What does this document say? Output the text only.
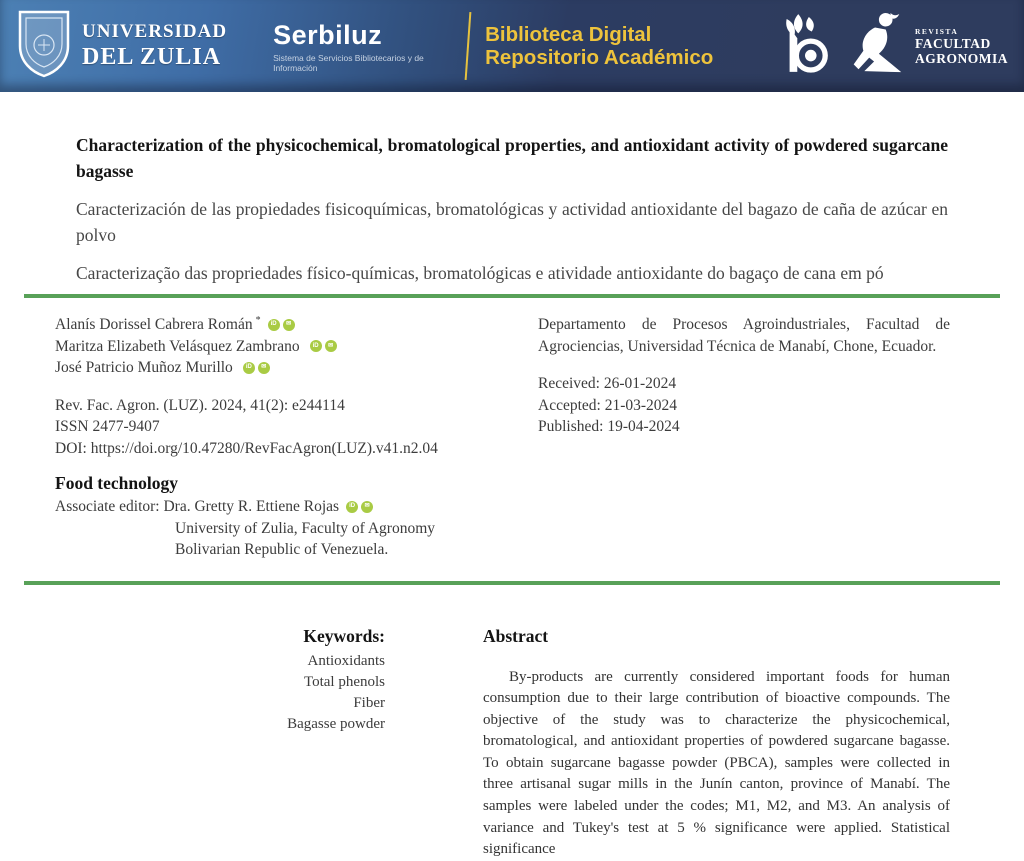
UNIVERSIDAD
DEL ZULIA
Serbiluz
Sistema de Servicios Bibliotecarios y de Información
Biblioteca Digital
Repositorio Académico
REVISTA
FACULTAD
AGRONOMIA
Characterization of the physicochemical, bromatological properties, and antioxidant activity of powdered sugarcane bagasse

Caracterización de las propiedades fisicoquímicas, bromatológicas y actividad antioxidante del bagazo de caña de azúcar en polvo

Caracterização das propriedades físico-químicas, bromatológicas e atividade antioxidante do bagaço de cana em pó

Alanís Dorissel Cabrera Román *	iD	✉
Maritza Elizabeth Velásquez Zambrano	iD	✉
José Patricio Muñoz Murillo	iD	✉
Rev. Fac. Agron. (LUZ). 2024, 41(2): e244114
ISSN 2477-9407
DOI: https://doi.org/10.47280/RevFacAgron(LUZ).v41.n2.04

Departamento de Procesos Agroindustriales, Facultad de Agrociencias, Universidad Técnica de Manabí, Chone, Ecuador.

Received: 26-01-2024
Accepted: 21-03-2024
Published: 19-04-2024
Food technology
Associate editor: Dra. Gretty R. Ettiene Rojas	iD	✉
University of Zulia, Faculty of Agronomy
Bolivarian Republic of Venezuela.
Keywords:
Antioxidants
Total phenols
Fiber
Bagasse powder
Abstract

By-products are currently considered important foods for human consumption due to their large contribution of bioactive compounds. The objective of the study was to characterize the physicochemical, bromatological, and antioxidant properties of powdered sugarcane bagasse. To obtain sugarcane bagasse powder (PBCA), samples were collected in three artisanal sugar mills in the Junín canton, province of Manabí. The samples were labeled under the codes; M1, M2, and M3. An analysis of variance and Tukey's test at 5 % significance were applied. Statistical significance
